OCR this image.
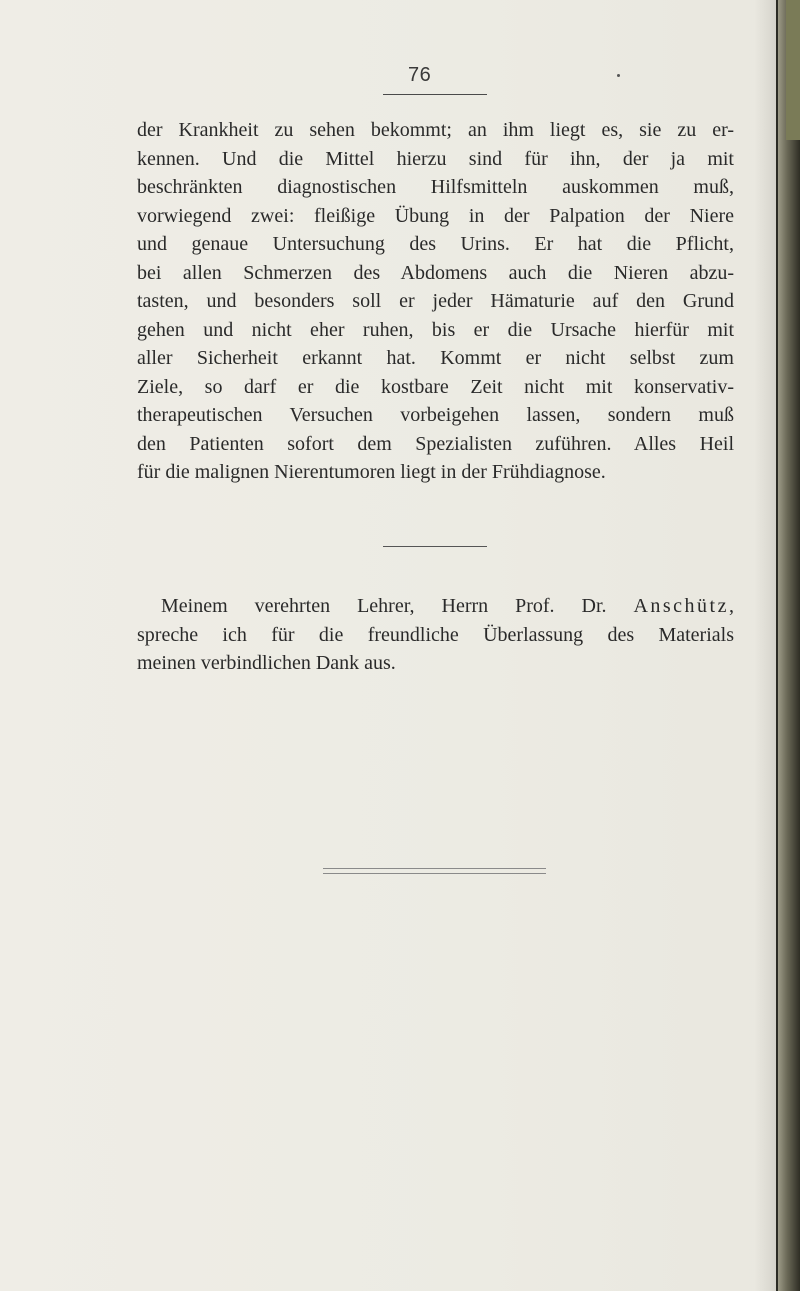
76
der Krankheit zu sehen bekommt; an ihm liegt es, sie zu er-
kennen. Und die Mittel hierzu sind für ihn, der ja mit
beschränkten diagnostischen Hilfsmitteln auskommen muß,
vorwiegend zwei: fleißige Übung in der Palpation der Niere
und genaue Untersuchung des Urins. Er hat die Pflicht,
bei allen Schmerzen des Abdomens auch die Nieren abzu-
tasten, und besonders soll er jeder Hämaturie auf den Grund
gehen und nicht eher ruhen, bis er die Ursache hierfür mit
aller Sicherheit erkannt hat. Kommt er nicht selbst zum
Ziele, so darf er die kostbare Zeit nicht mit konservativ-
therapeutischen Versuchen vorbeigehen lassen, sondern muß
den Patienten sofort dem Spezialisten zuführen. Alles Heil
für die malignen Nierentumoren liegt in der Frühdiagnose.
Meinem verehrten Lehrer, Herrn Prof. Dr. Anschütz,
spreche ich für die freundliche Überlassung des Materials
meinen verbindlichen Dank aus.
